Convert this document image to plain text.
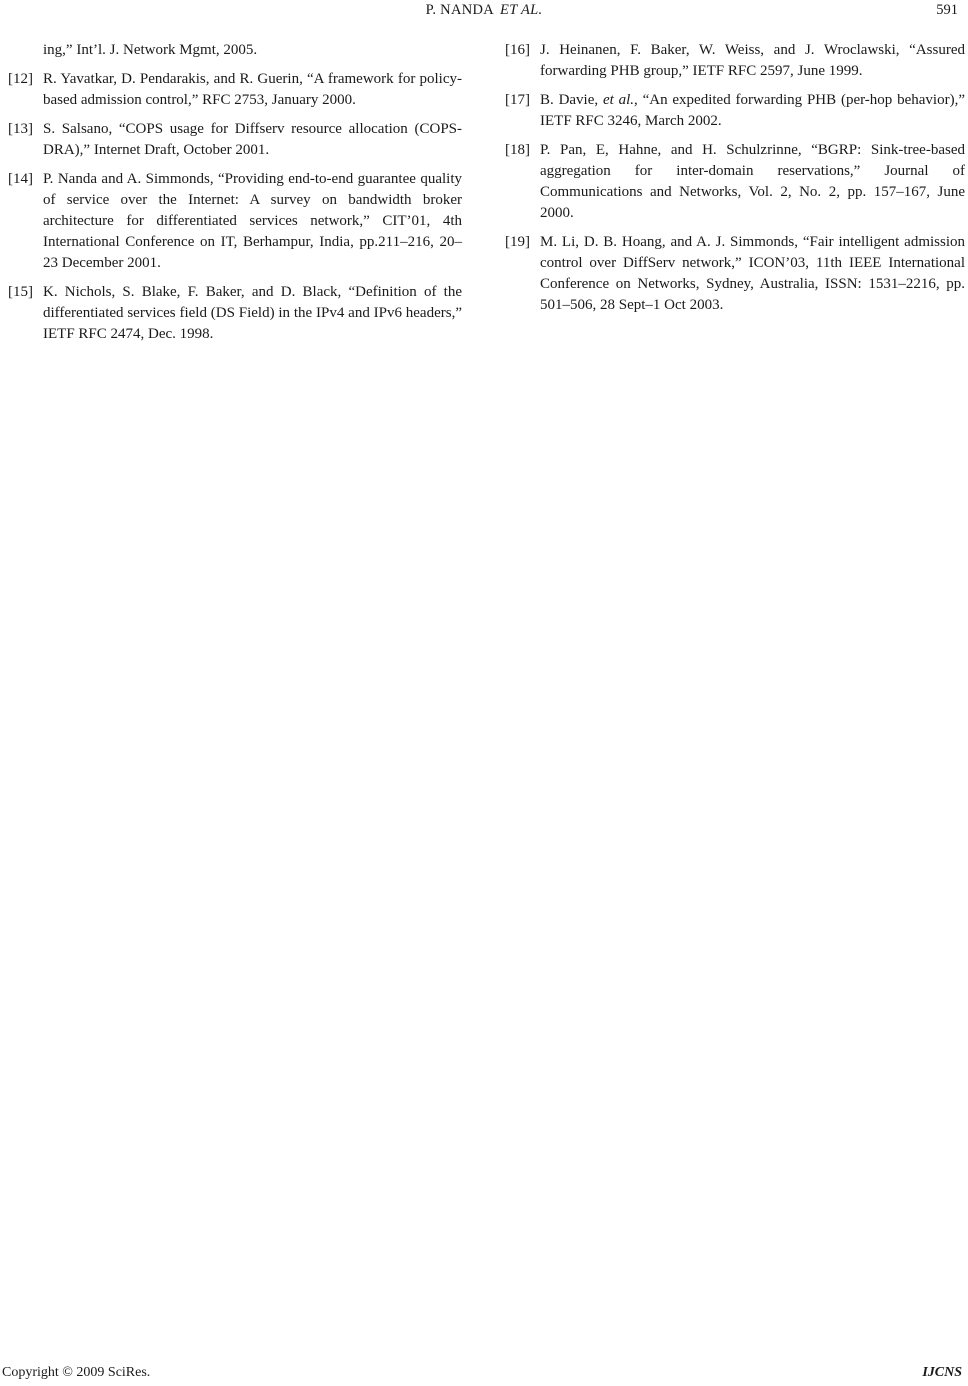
P. NANDA ET AL.	591

ing,” Int’l. J. Network Mgmt, 2005.

[12] R. Yavatkar, D. Pendarakis, and R. Guerin, “A framework for policy-based admission control,” RFC 2753, January 2000.

[13] S. Salsano, “COPS usage for Diffserv resource allocation (COPS-DRA),” Internet Draft, October 2001.

[14] P. Nanda and A. Simmonds, “Providing end-to-end guarantee quality of service over the Internet: A survey on bandwidth broker architecture for differentiated services network,” CIT’01, 4th International Conference on IT, Berhampur, India, pp.211–216, 20–23 December 2001.

[15] K. Nichols, S. Blake, F. Baker, and D. Black, “Definition of the differentiated services field (DS Field) in the IPv4 and IPv6 headers,” IETF RFC 2474, Dec. 1998.

[16] J. Heinanen, F. Baker, W. Weiss, and J. Wroclawski, “Assured forwarding PHB group,” IETF RFC 2597, June 1999.

[17] B. Davie, et al., “An expedited forwarding PHB (per-hop behavior),” IETF RFC 3246, March 2002.

[18] P. Pan, E, Hahne, and H. Schulzrinne, “BGRP: Sink-tree-based aggregation for inter-domain reservations,” Journal of Communications and Networks, Vol. 2, No. 2, pp. 157–167, June 2000.

[19] M. Li, D. B. Hoang, and A. J. Simmonds, “Fair intelligent admission control over DiffServ network,” ICON’03, 11th IEEE International Conference on Networks, Sydney, Australia, ISSN: 1531–2216, pp. 501–506, 28 Sept–1 Oct 2003.

Copyright © 2009 SciRes.	IJCNS
